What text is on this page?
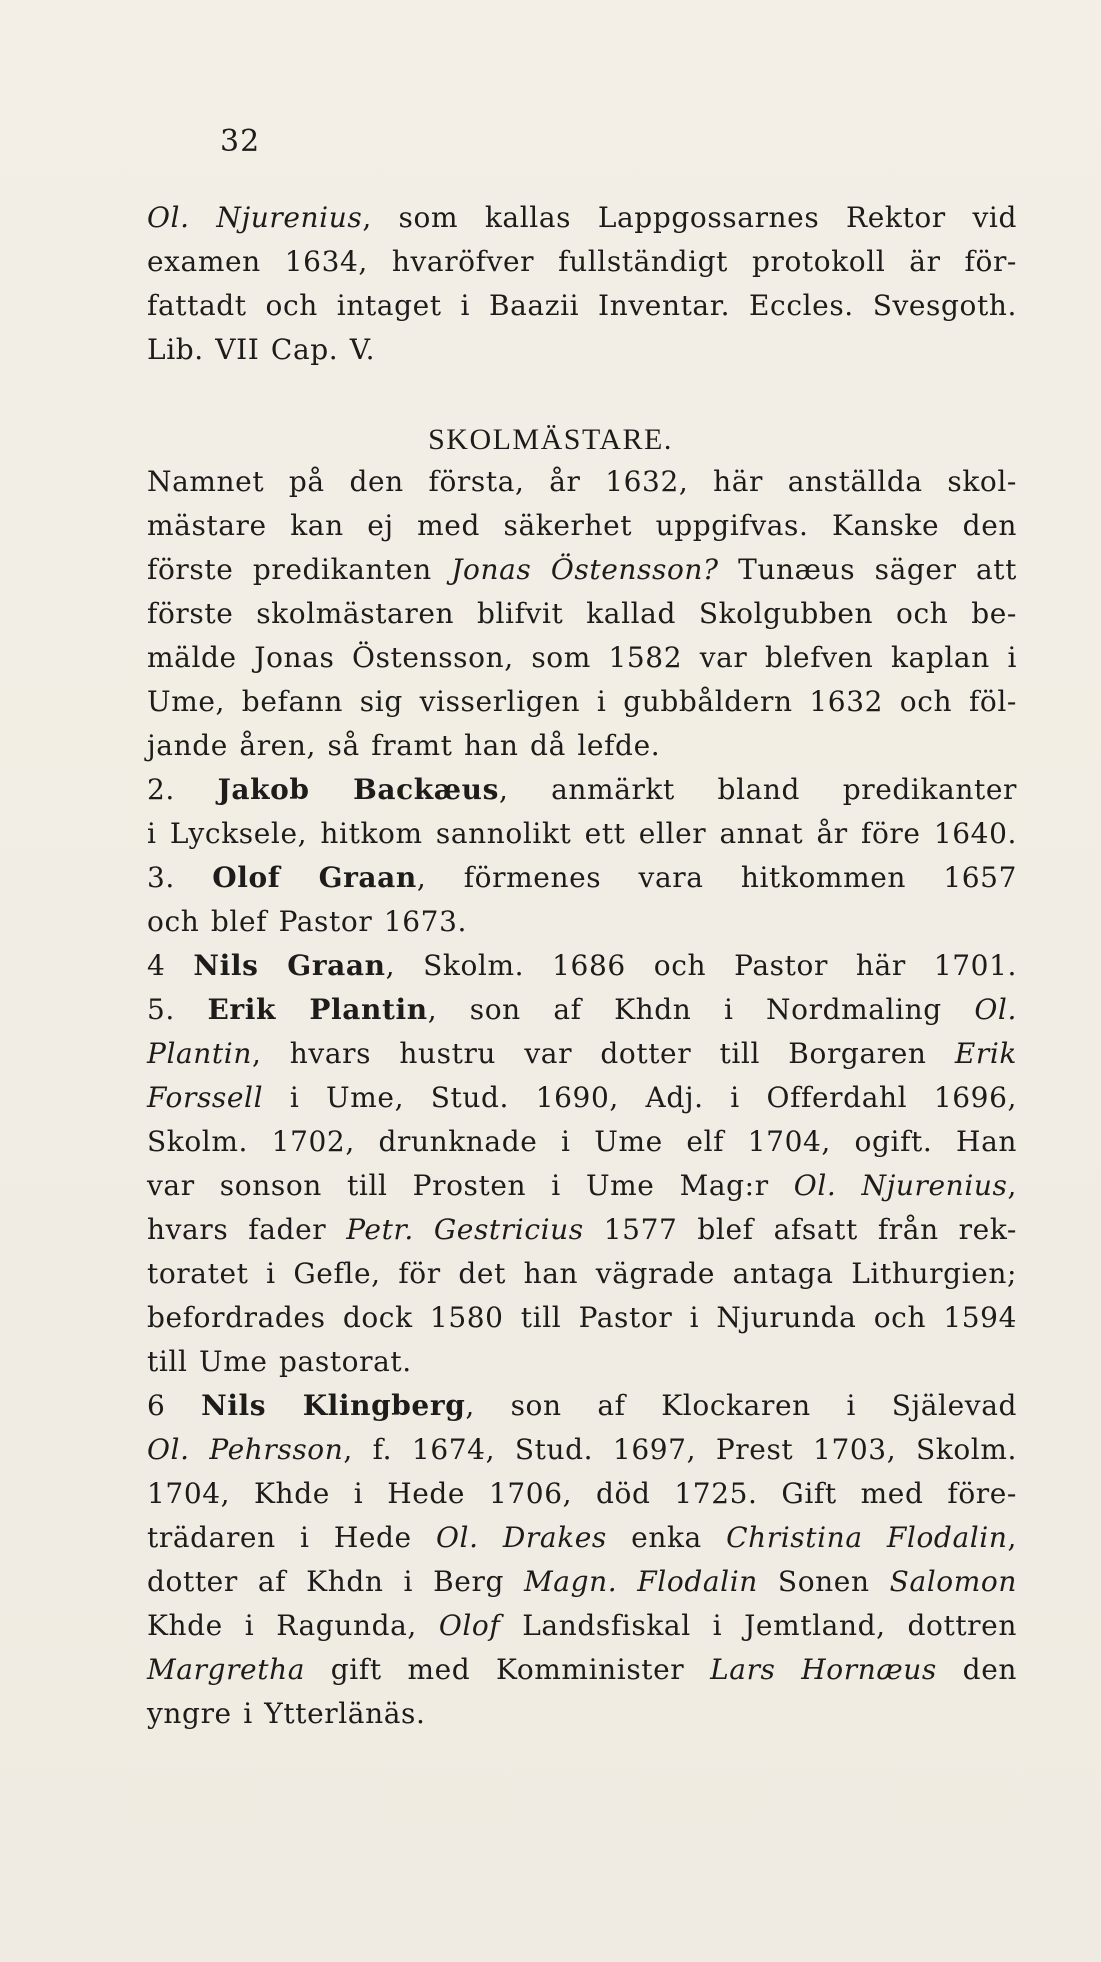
32
Ol. Njurenius, som kallas Lappgossarnes Rektor vid
examen 1634, hvaröfver fullständigt protokoll är för-
fattadt och intaget i Baazii Inventar. Eccles. Svesgoth.
Lib. VII Cap. V.
SKOLMÄSTARE.
Namnet på den första, år 1632, här anställda skol-
mästare kan ej med säkerhet uppgifvas. Kanske den
förste predikanten Jonas Östensson? Tunæus säger att
förste skolmästaren blifvit kallad Skolgubben och be-
mälde Jonas Östensson, som 1582 var blefven kaplan i
Ume, befann sig visserligen i gubbåldern 1632 och föl-
jande åren, så framt han då lefde.
2. Jakob Backæus, anmärkt bland predikanter
i Lycksele, hitkom sannolikt ett eller annat år före 1640.
3. Olof Graan, förmenes vara hitkommen 1657
och blef Pastor 1673.
4 Nils Graan, Skolm. 1686 och Pastor här 1701.
5. Erik Plantin, son af Khdn i Nordmaling Ol.
Plantin, hvars hustru var dotter till Borgaren Erik
Forssell i Ume, Stud. 1690, Adj. i Offerdahl 1696,
Skolm. 1702, drunknade i Ume elf 1704, ogift. Han
var sonson till Prosten i Ume Mag:r Ol. Njurenius,
hvars fader Petr. Gestricius 1577 blef afsatt från rek-
toratet i Gefle, för det han vägrade antaga Lithurgien;
befordrades dock 1580 till Pastor i Njurunda och 1594
till Ume pastorat.
6 Nils Klingberg, son af Klockaren i Själevad
Ol. Pehrsson, f. 1674, Stud. 1697, Prest 1703, Skolm.
1704, Khde i Hede 1706, död 1725. Gift med före-
trädaren i Hede Ol. Drakes enka Christina Flodalin,
dotter af Khdn i Berg Magn. Flodalin Sonen Salomon
Khde i Ragunda, Olof Landsfiskal i Jemtland, dottren
Margretha gift med Komminister Lars Hornæus den
yngre i Ytterlänäs.
